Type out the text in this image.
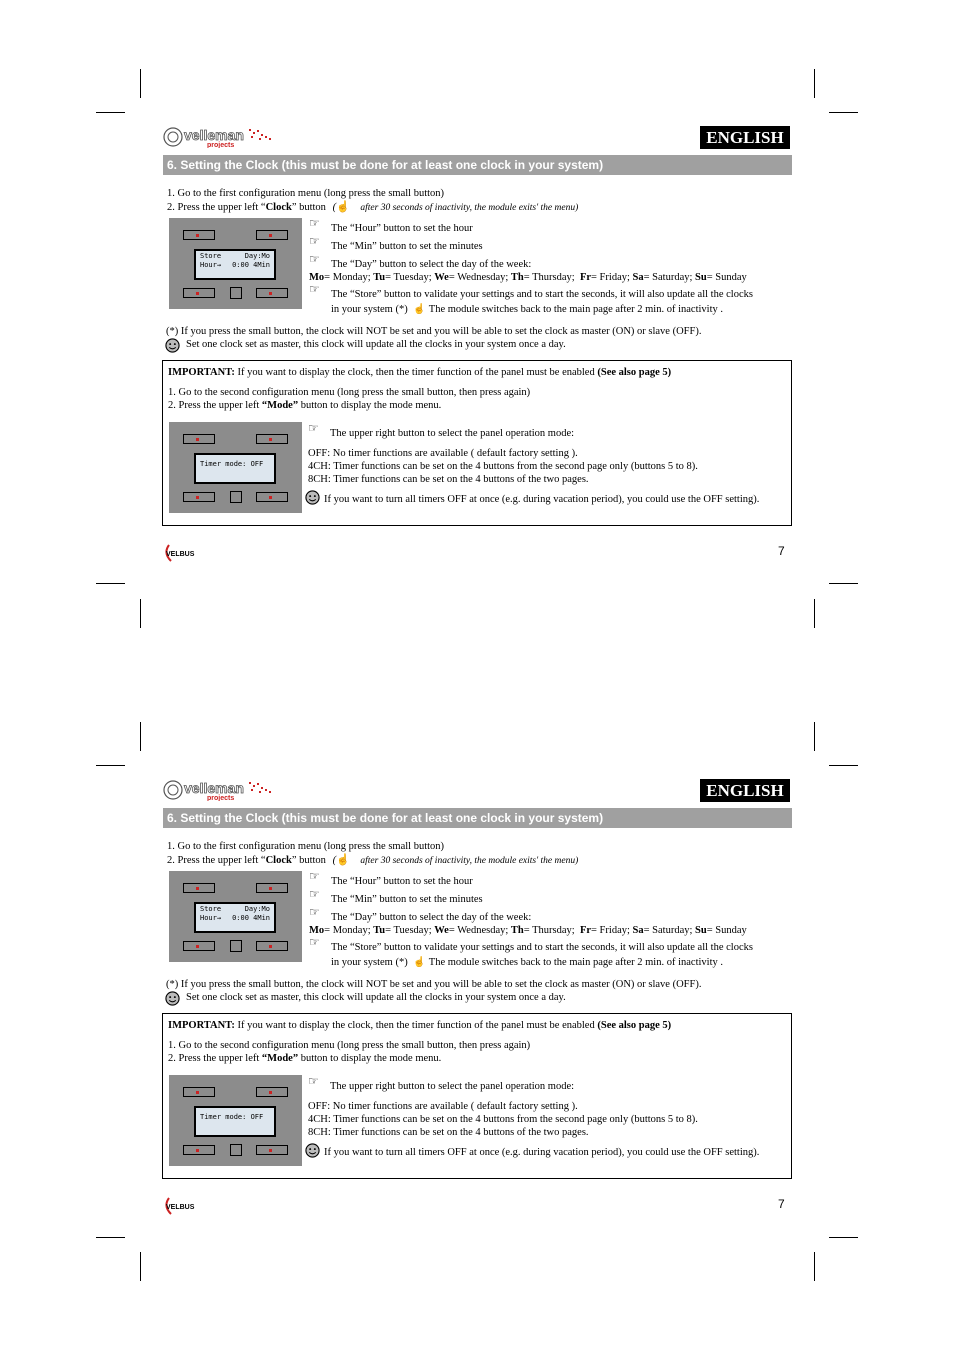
velleman
projects	ENGLISH
6. Setting the Clock (this must be done for at least one clock in your system)
1. Go to the first configuration menu (long press the small button)
2. Press the upper left “Clock” button (☝ after 30 seconds of inactivity, the module exits' the menu)
Store	Day:Mo
Hour→ 0:00 4Min
☞ The “Hour” button to set the hour
☞ The “Min” button to set the minutes
☞ The “Day” button to select the day of the week:
Mo= Monday; Tu= Tuesday; We= Wednesday; Th= Thursday;  Fr= Friday; Sa= Saturday; Su= Sunday
☞ The “Store” button to validate your settings and to start the seconds, it will also update all the clocks
in your system (*) ☝ The module switches back to the main page after 2 min. of inactivity .
(*) If you press the small button, the clock will NOT be set and you will be able to set the clock as master (ON) or slave (OFF).
Set one clock set as master, this clock will update all the clocks in your system once a day.
IMPORTANT: If you want to display the clock, then the timer function of the panel must be enabled (See also page 5)
1. Go to the second configuration menu (long press the small button, then press again)
2. Press the upper left “Mode” button to display the mode menu.
Timer mode: OFF
☞ The upper right button to select the panel operation mode:
OFF: No timer functions are available ( default factory setting ).
4CH: Timer functions can be set on the 4 buttons from the second page only (buttons 5 to 8).
8CH: Timer functions can be set on the 4 buttons of the two pages.
If you want to turn all timers OFF at once (e.g. during vacation period), you could use the OFF setting).
VELBUS	7
velleman
projects	ENGLISH
6. Setting the Clock (this must be done for at least one clock in your system)
1. Go to the first configuration menu (long press the small button)
2. Press the upper left “Clock” button (☝ after 30 seconds of inactivity, the module exits' the menu)
Store	Day:Mo
Hour→ 0:00 4Min
☞ The “Hour” button to set the hour
☞ The “Min” button to set the minutes
☞ The “Day” button to select the day of the week:
Mo= Monday; Tu= Tuesday; We= Wednesday; Th= Thursday;  Fr= Friday; Sa= Saturday; Su= Sunday
☞ The “Store” button to validate your settings and to start the seconds, it will also update all the clocks
in your system (*) ☝ The module switches back to the main page after 2 min. of inactivity .
(*) If you press the small button, the clock will NOT be set and you will be able to set the clock as master (ON) or slave (OFF).
Set one clock set as master, this clock will update all the clocks in your system once a day.
IMPORTANT: If you want to display the clock, then the timer function of the panel must be enabled (See also page 5)
1. Go to the second configuration menu (long press the small button, then press again)
2. Press the upper left “Mode” button to display the mode menu.
Timer mode: OFF
☞ The upper right button to select the panel operation mode:
OFF: No timer functions are available ( default factory setting ).
4CH: Timer functions can be set on the 4 buttons from the second page only (buttons 5 to 8).
8CH: Timer functions can be set on the 4 buttons of the two pages.
If you want to turn all timers OFF at once (e.g. during vacation period), you could use the OFF setting).
VELBUS	7
